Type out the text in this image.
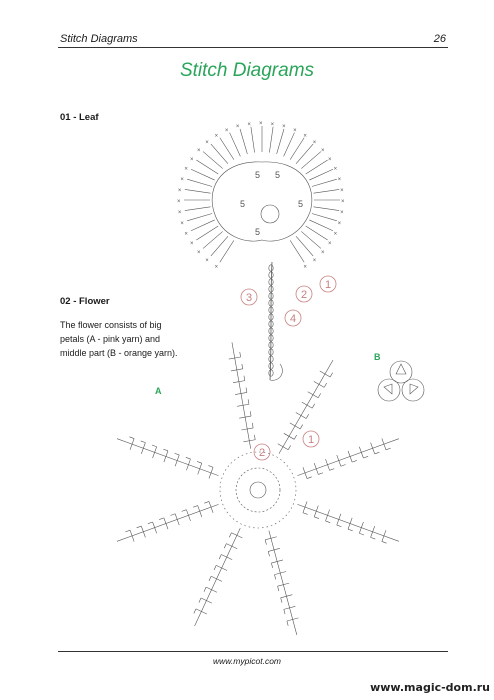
Stitch Diagrams	26
Stitch Diagrams
01 - Leaf
02 - Flower
The flower consists of big petals (A - pink yarn) and middle part (B - orange yarn).
A
B
×
×
×
×
×
×
×
×
×
×
×
×
×
×
×
×
×
×
×
×
×
×
×
×
× × × × ×
×
×
×
×
×
×
×
×
5 5
5	5
5
1
2
3
4
1
2
www.mypicot.com
www.magic-dom.ru
